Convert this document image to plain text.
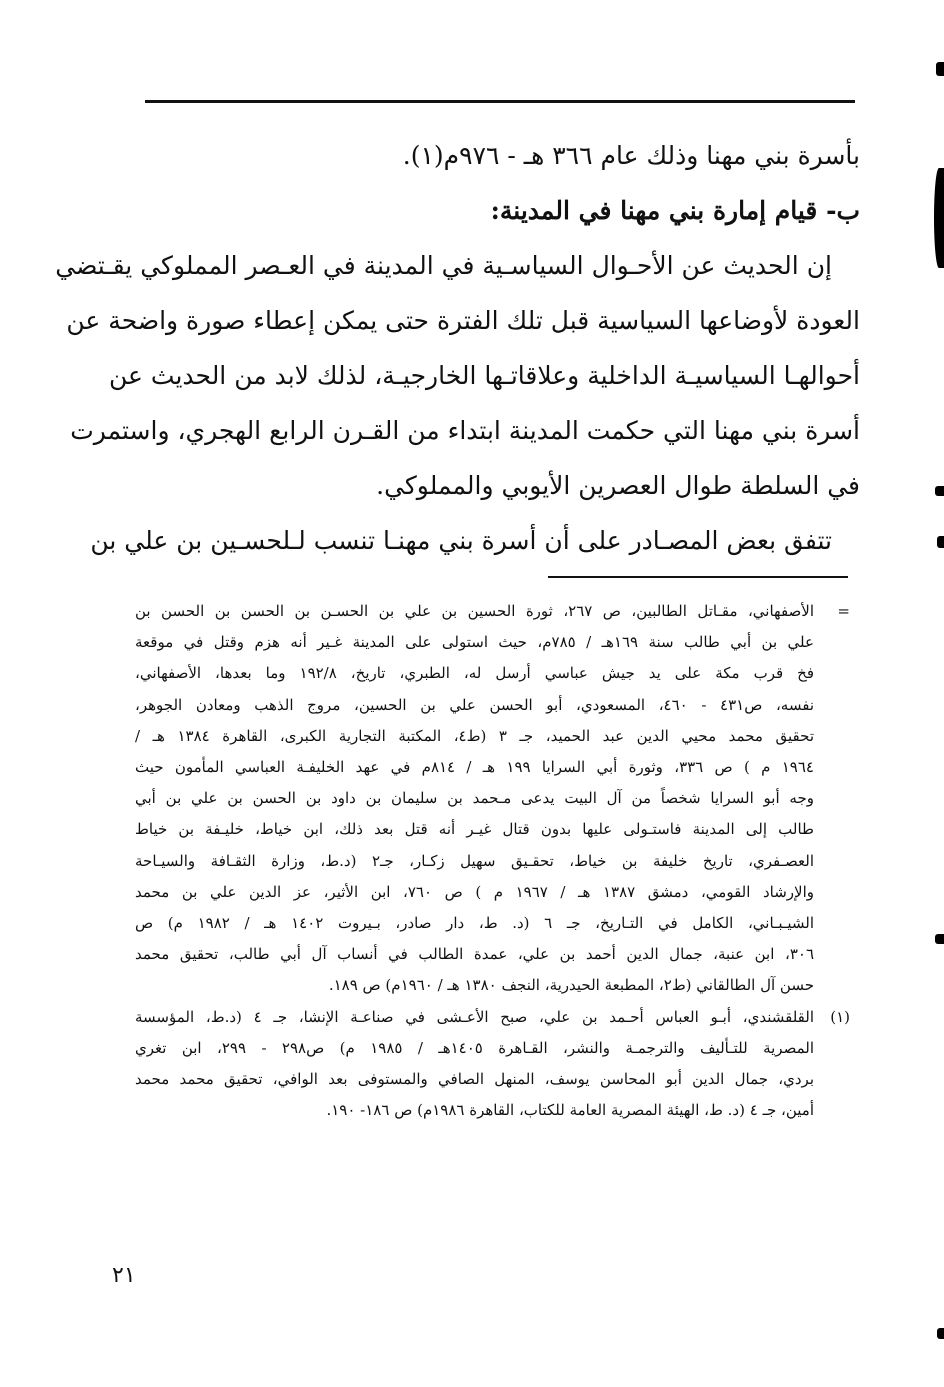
بأسرة بني مهنا وذلك عام ٣٦٦ هـ - ٩٧٦م(١).
ب- قيام إمارة بني مهنا في المدينة:
إن الحديث عن الأحـوال السياسـية في المدينة في العـصر المملوكي يقـتضي
العودة لأوضاعها السياسية قبل تلك الفترة حتى يمكن إعطاء صورة واضحة عن
أحوالهـا السياسيـة الداخلية وعلاقاتـها الخارجيـة، لذلك لابد من الحديث عن
أسرة بني مهنا التي حكمت المدينة ابتداء من القـرن الرابع الهجري، واستمرت
في السلطة طوال العصرين الأيوبي والمملوكي.
تتفق بعض المصـادر على أن أسرة بني مهنـا تنسب لـلحسـين بن علي بن
=
الأصفهاني، مقـاتل الطالبين، ص ٢٦٧، ثورة الحسين بن علي بن الحسـن بن الحسن بن الحسن بن
علي بن أبي طالب سنة ١٦٩هـ / ٧٨٥م، حيث استولى على المدينة غـير أنه هزم وقتل في موقعة
فخ قرب مكة على يد جيش عباسي أرسل له، الطبري، تاريخ، ١٩٢/٨ وما بعدها، الأصفهاني،
نفسه، ص٤٣١ - ٤٦٠، المسعودي، أبو الحسن علي بن الحسين، مروج الذهب ومعادن الجوهر،
تحقيق محمد محيي الدين عبد الحميد، جـ ٣ (ط٤، المكتبة التجارية الكبرى، القاهرة ١٣٨٤ هـ /
١٩٦٤ م ) ص ٣٣٦، وثورة أبي السرايا ١٩٩ هـ / ٨١٤م في عهد الخليفـة العباسي المأمون حيث
وجه أبو السرايا شخصاً من آل البيت يدعى مـحمد بن سليمان بن داود بن الحسن بن علي بن أبي
طالب إلى المدينة فاستـولى عليها بدون قتال غيـر أنه قتل بعد ذلك، ابن خياط، خليـفة بن خياط
العصـفري، تاريخ خليفة بن خياط، تحقـيق سهيل زكـار، جـ٢ (د.ط، وزارة الثقـافة والسيـاحة
والإرشاد القومي، دمشق ١٣٨٧ هـ / ١٩٦٧ م ) ص ٧٦٠، ابن الأثير، عز الدين علي بن محمد
الشيـبـاني، الكامل في التـاريخ، جـ ٦ (د. ط، دار صادر، بـيروت ١٤٠٢ هـ / ١٩٨٢ م) ص
٣٠٦، ابن عنبة، جمال الدين أحمد بن علي، عمدة الطالب في أنساب آل أبي طالب، تحقيق محمد
حسن آل الطالقاني (ط٢، المطبعة الحيدرية، النجف ١٣٨٠ هـ / ١٩٦٠م) ص ١٨٩.
(١)
القلقشندي، أبـو العباس أحـمد بن علي، صبح الأعـشى في صناعـة الإنشا، جـ ٤ (د.ط، المؤسسة
المصرية للتـأليف والترجمـة والنشر، القـاهرة ١٤٠٥هـ / ١٩٨٥ م) ص٢٩٨ - ٢٩٩، ابن تغري
بردي، جمال الدين أبو المحاسن يوسف، المنهل الصافي والمستوفى بعد الوافي، تحقيق محمد محمد
أمين، جـ ٤ (د. ط، الهيئة المصرية العامة للكتاب، القاهرة ١٩٨٦م) ص ١٨٦- ١٩٠.
٢١
